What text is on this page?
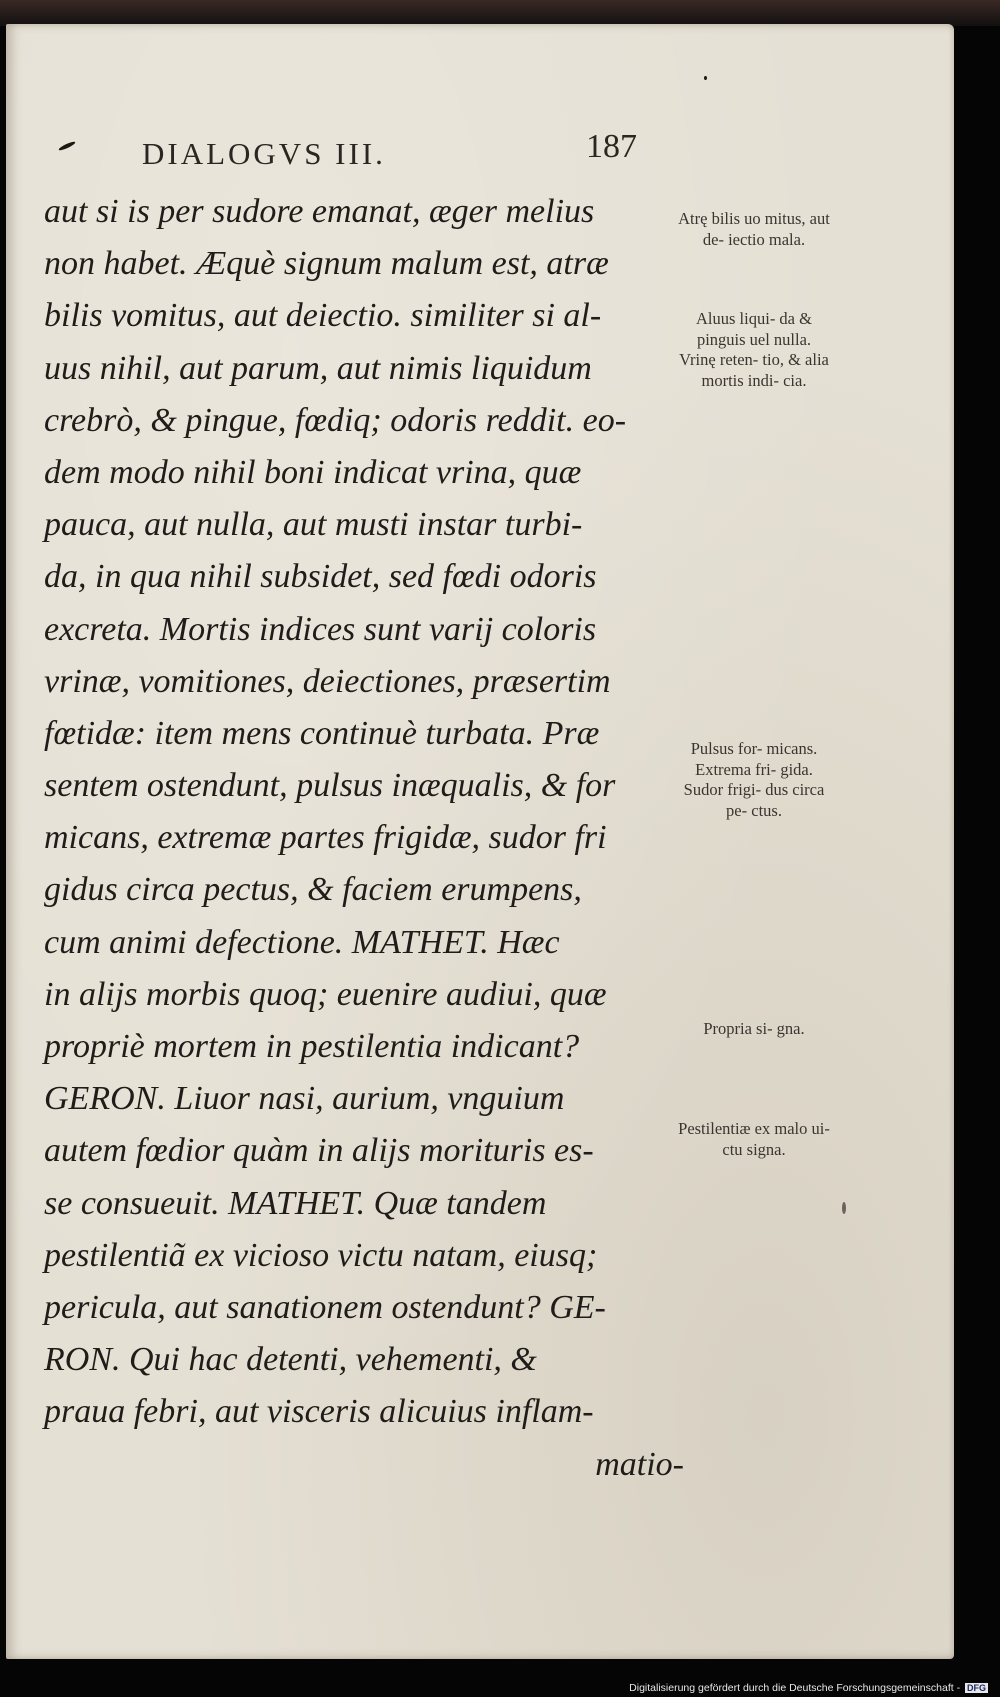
DIALOGVS III.	187
aut si is per sudore emanat, æger melius
non habet. Æquè signum malum est, atræ
bilis vomitus, aut deiectio. similiter si al-
uus nihil, aut parum, aut nimis liquidum
crebrò, & pingue, fœdiq; odoris reddit. eo-
dem modo nihil boni indicat vrina, quæ
pauca, aut nulla, aut musti instar turbi-
da, in qua nihil subsidet, sed fœdi odoris
excreta. Mortis indices sunt varij coloris
vrinæ, vomitiones, deiectiones, præsertim
fœtidæ: item mens continuè turbata. Præ
sentem ostendunt, pulsus inæqualis, & for
micans, extremæ partes frigidæ, sudor fri
gidus circa pectus, & faciem erumpens,
cum animi defectione. MATHET. Hæc
in alijs morbis quoq; euenire audiui, quæ
propriè mortem in pestilentia indicant?
GERON. Liuor nasi, aurium, vnguium
autem fœdior quàm in alijs morituris es-
se consueuit. MATHET. Quæ tandem
pestilentiã ex vicioso victu natam, eiusq;
pericula, aut sanationem ostendunt? GE-
RON. Qui hac detenti, vehementi, &
praua febri, aut visceris alicuius inflam-
matio-
Atrę bilis uo mitus, aut de- iectio mala.
Aluus liqui- da & pinguis uel nulla. Vrinę reten- tio, & alia mortis indi- cia.
Pulsus for- micans. Extrema fri- gida. Sudor frigi- dus circa pe- ctus.
Propria si- gna.
Pestilentiæ ex malo ui- ctu signa.
Digitalisierung gefördert durch die Deutsche Forschungsgemeinschaft - DFG
